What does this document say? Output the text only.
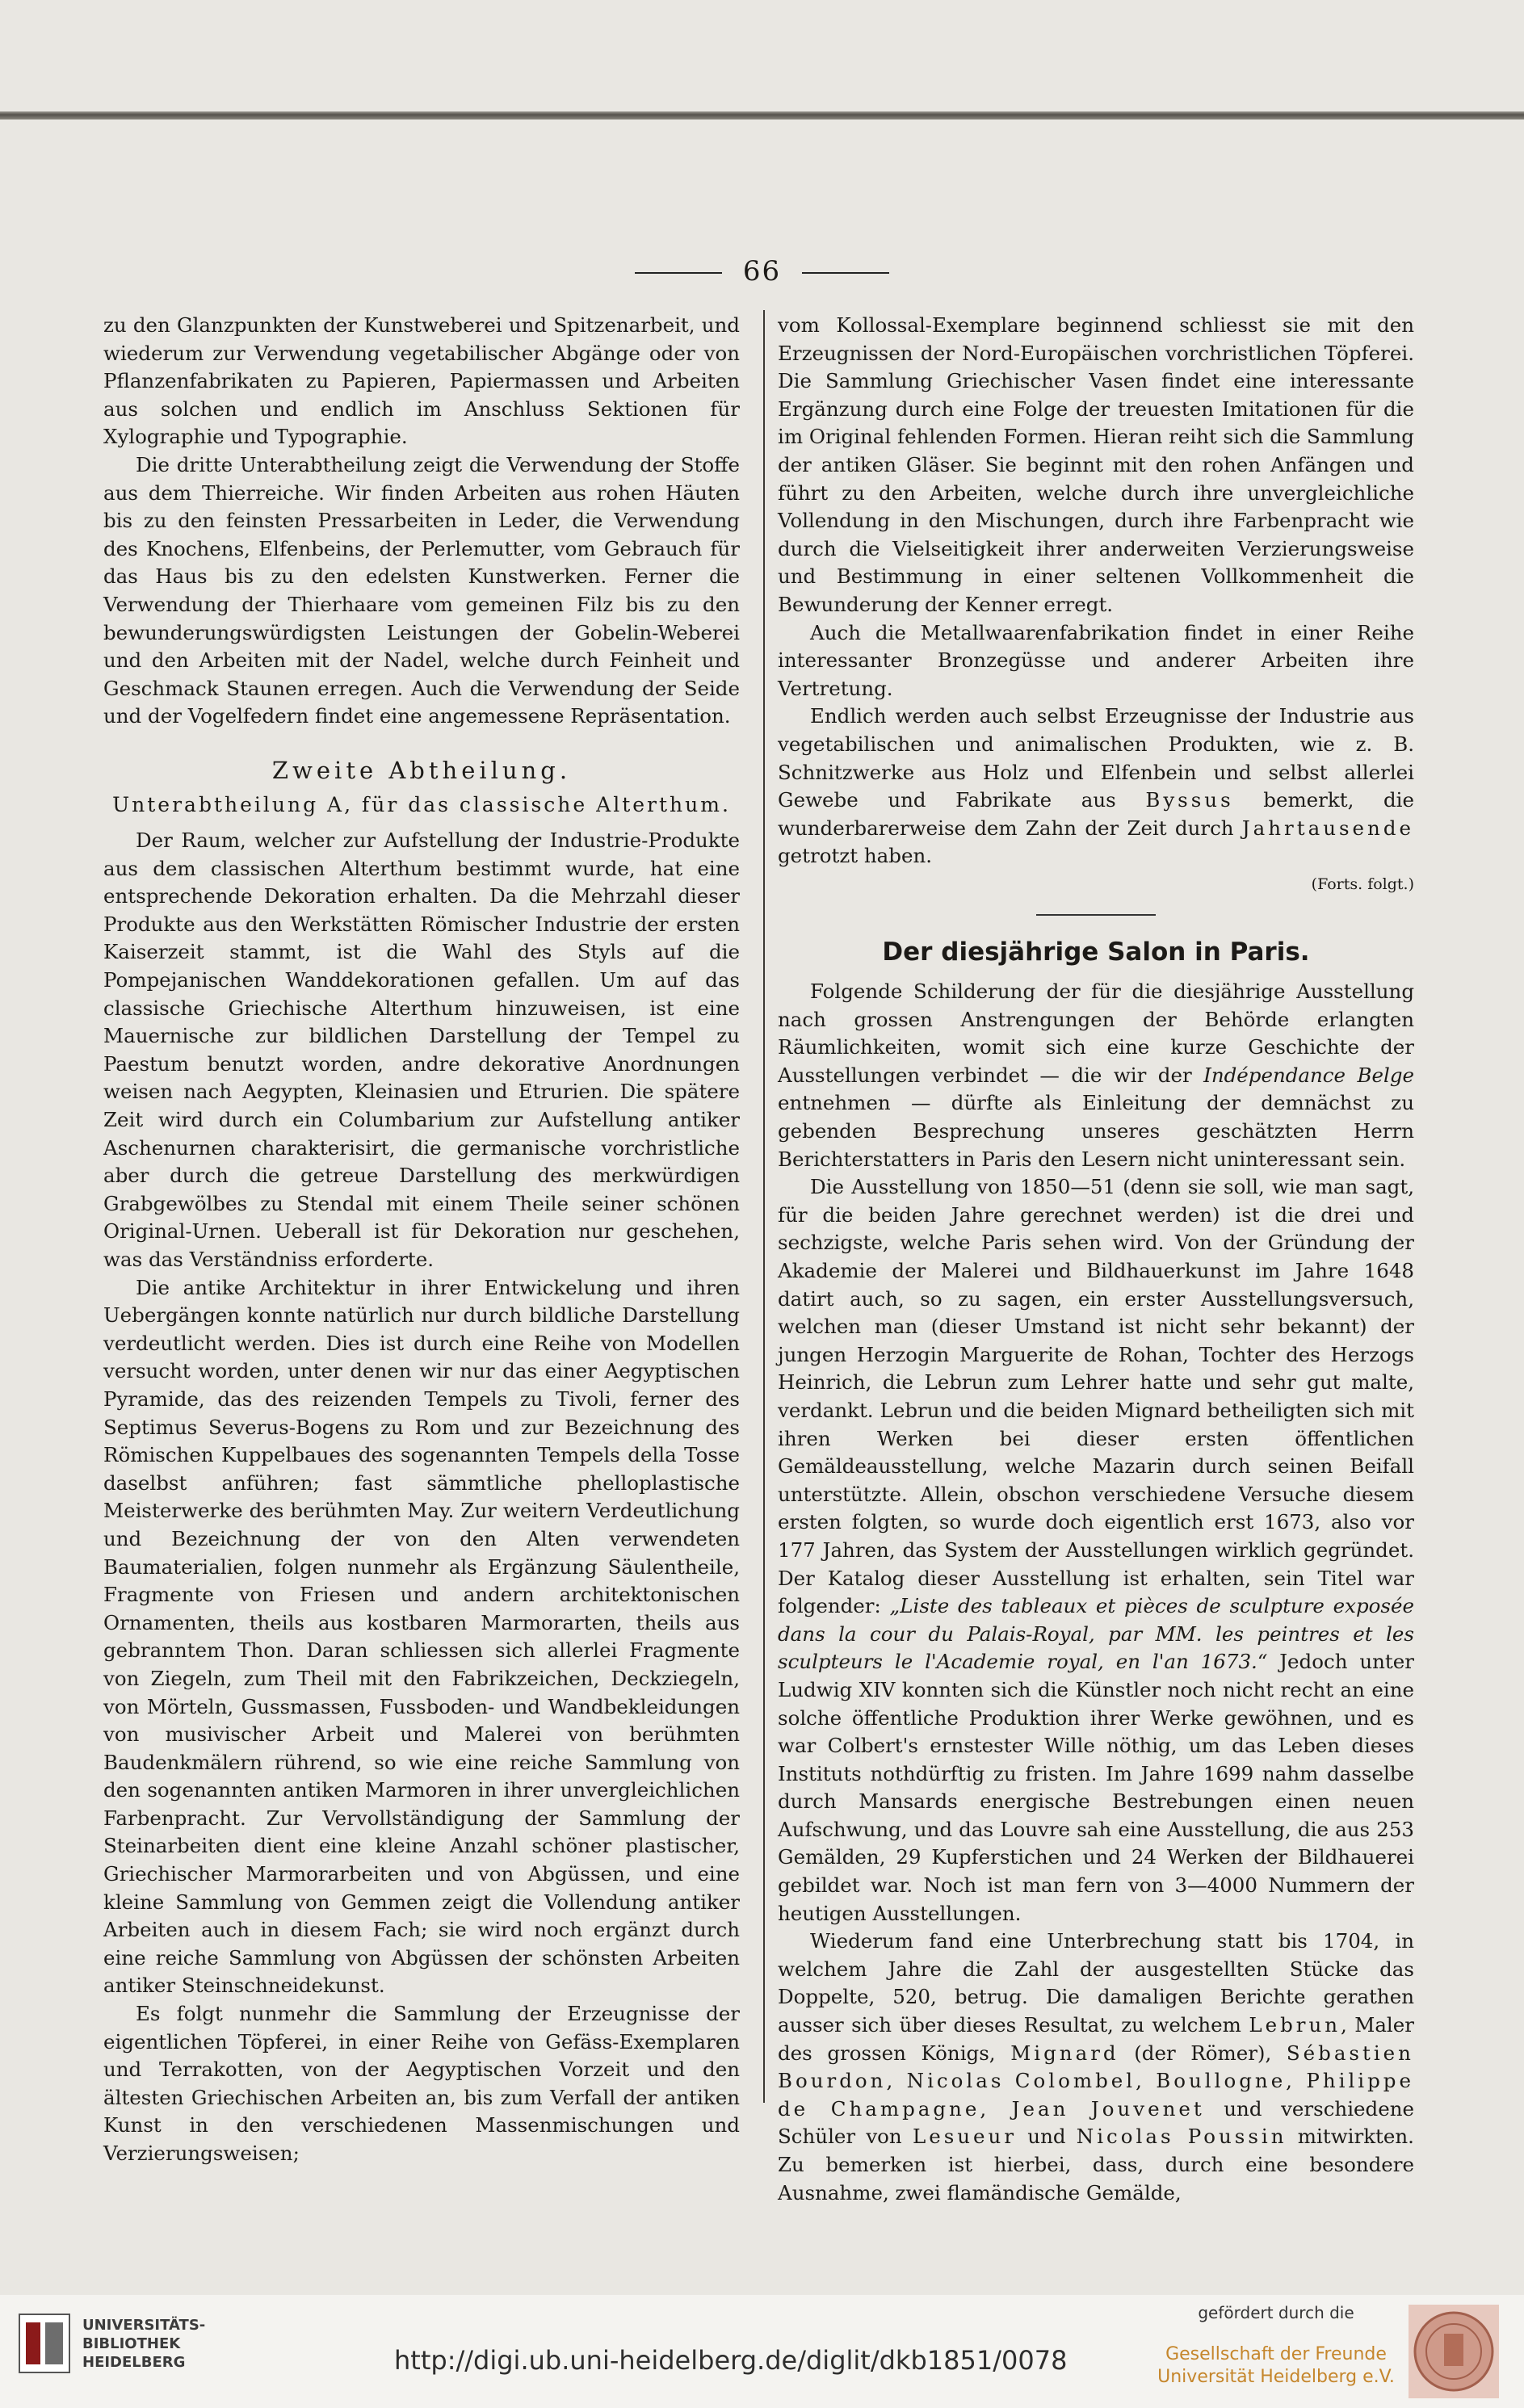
66

zu den Glanzpunkten der Kunstweberei und Spitzenarbeit, und wiederum zur Verwendung vegetabilischer Abgänge oder von Pflanzenfabrikaten zu Papieren, Papiermassen und Arbeiten aus solchen und endlich im Anschluss Sektionen für Xylographie und Typographie.

Die dritte Unterabtheilung zeigt die Verwendung der Stoffe aus dem Thierreiche. Wir finden Arbeiten aus rohen Häuten bis zu den feinsten Pressarbeiten in Leder, die Verwendung des Knochens, Elfenbeins, der Perlemutter, vom Gebrauch für das Haus bis zu den edelsten Kunstwerken. Ferner die Verwendung der Thierhaare vom gemeinen Filz bis zu den bewunderungswürdigsten Leistungen der Gobelin-Weberei und den Arbeiten mit der Nadel, welche durch Feinheit und Geschmack Staunen erregen. Auch die Verwendung der Seide und der Vogelfedern findet eine angemessene Repräsentation.

Zweite Abtheilung.
Unterabtheilung A, für das classische Alterthum.

Der Raum, welcher zur Aufstellung der Industrie-Produkte aus dem classischen Alterthum bestimmt wurde, hat eine entsprechende Dekoration erhalten. Da die Mehrzahl dieser Produkte aus den Werkstätten Römischer Industrie der ersten Kaiserzeit stammt, ist die Wahl des Styls auf die Pompejanischen Wanddekorationen gefallen. Um auf das classische Griechische Alterthum hinzuweisen, ist eine Mauernische zur bildlichen Darstellung der Tempel zu Paestum benutzt worden, andre dekorative Anordnungen weisen nach Aegypten, Kleinasien und Etrurien. Die spätere Zeit wird durch ein Columbarium zur Aufstellung antiker Aschenurnen charakterisirt, die germanische vorchristliche aber durch die getreue Darstellung des merkwürdigen Grabgewölbes zu Stendal mit einem Theile seiner schönen Original-Urnen. Ueberall ist für Dekoration nur geschehen, was das Verständniss erforderte.

Die antike Architektur in ihrer Entwickelung und ihren Uebergängen konnte natürlich nur durch bildliche Darstellung verdeutlicht werden. Dies ist durch eine Reihe von Modellen versucht worden, unter denen wir nur das einer Aegyptischen Pyramide, das des reizenden Tempels zu Tivoli, ferner des Septimus Severus-Bogens zu Rom und zur Bezeichnung des Römischen Kuppelbaues des sogenannten Tempels della Tosse daselbst anführen; fast sämmtliche phelloplastische Meisterwerke des berühmten May. Zur weitern Verdeutlichung und Bezeichnung der von den Alten verwendeten Baumaterialien, folgen nunmehr als Ergänzung Säulentheile, Fragmente von Friesen und andern architektonischen Ornamenten, theils aus kostbaren Marmorarten, theils aus gebranntem Thon. Daran schliessen sich allerlei Fragmente von Ziegeln, zum Theil mit den Fabrikzeichen, Deckziegeln, von Mörteln, Gussmassen, Fussboden- und Wandbekleidungen von musivischer Arbeit und Malerei von berühmten Baudenkmälern rührend, so wie eine reiche Sammlung von den sogenannten antiken Marmoren in ihrer unvergleichlichen Farbenpracht. Zur Vervollständigung der Sammlung der Steinarbeiten dient eine kleine Anzahl schöner plastischer, Griechischer Marmorarbeiten und von Abgüssen, und eine kleine Sammlung von Gemmen zeigt die Vollendung antiker Arbeiten auch in diesem Fach; sie wird noch ergänzt durch eine reiche Sammlung von Abgüssen der schönsten Arbeiten antiker Steinschneidekunst.

Es folgt nunmehr die Sammlung der Erzeugnisse der eigentlichen Töpferei, in einer Reihe von Gefäss-Exemplaren und Terrakotten, von der Aegyptischen Vorzeit und den ältesten Griechischen Arbeiten an, bis zum Verfall der antiken Kunst in den verschiedenen Massenmischungen und Verzierungsweisen;

vom Kollossal-Exemplare beginnend schliesst sie mit den Erzeugnissen der Nord-Europäischen vorchristlichen Töpferei. Die Sammlung Griechischer Vasen findet eine interessante Ergänzung durch eine Folge der treuesten Imitationen für die im Original fehlenden Formen. Hieran reiht sich die Sammlung der antiken Gläser. Sie beginnt mit den rohen Anfängen und führt zu den Arbeiten, welche durch ihre unvergleichliche Vollendung in den Mischungen, durch ihre Farbenpracht wie durch die Vielseitigkeit ihrer anderweiten Verzierungsweise und Bestimmung in einer seltenen Vollkommenheit die Bewunderung der Kenner erregt.

Auch die Metallwaarenfabrikation findet in einer Reihe interessanter Bronzegüsse und anderer Arbeiten ihre Vertretung.

Endlich werden auch selbst Erzeugnisse der Industrie aus vegetabilischen und animalischen Produkten, wie z. B. Schnitzwerke aus Holz und Elfenbein und selbst allerlei Gewebe und Fabrikate aus Byssus bemerkt, die wunderbarerweise dem Zahn der Zeit durch Jahrtausende getrotzt haben.

(Forts. folgt.)
Der diesjährige Salon in Paris.

Folgende Schilderung der für die diesjährige Ausstellung nach grossen Anstrengungen der Behörde erlangten Räumlichkeiten, womit sich eine kurze Geschichte der Ausstellungen verbindet — die wir der Indépendance Belge entnehmen — dürfte als Einleitung der demnächst zu gebenden Besprechung unseres geschätzten Herrn Berichterstatters in Paris den Lesern nicht uninteressant sein.

Die Ausstellung von 1850—51 (denn sie soll, wie man sagt, für die beiden Jahre gerechnet werden) ist die drei und sechzigste, welche Paris sehen wird. Von der Gründung der Akademie der Malerei und Bildhauerkunst im Jahre 1648 datirt auch, so zu sagen, ein erster Ausstellungsversuch, welchen man (dieser Umstand ist nicht sehr bekannt) der jungen Herzogin Marguerite de Rohan, Tochter des Herzogs Heinrich, die Lebrun zum Lehrer hatte und sehr gut malte, verdankt. Lebrun und die beiden Mignard betheiligten sich mit ihren Werken bei dieser ersten öffentlichen Gemäldeausstellung, welche Mazarin durch seinen Beifall unterstützte. Allein, obschon verschiedene Versuche diesem ersten folgten, so wurde doch eigentlich erst 1673, also vor 177 Jahren, das System der Ausstellungen wirklich gegründet. Der Katalog dieser Ausstellung ist erhalten, sein Titel war folgender: „Liste des tableaux et pièces de sculpture exposée dans la cour du Palais-Royal, par MM. les peintres et les sculpteurs le l'Academie royal, en l'an 1673.“ Jedoch unter Ludwig XIV konnten sich die Künstler noch nicht recht an eine solche öffentliche Produktion ihrer Werke gewöhnen, und es war Colbert's ernstester Wille nöthig, um das Leben dieses Instituts nothdürftig zu fristen. Im Jahre 1699 nahm dasselbe durch Mansards energische Bestrebungen einen neuen Aufschwung, und das Louvre sah eine Ausstellung, die aus 253 Gemälden, 29 Kupferstichen und 24 Werken der Bildhauerei gebildet war. Noch ist man fern von 3—4000 Nummern der heutigen Ausstellungen.

Wiederum fand eine Unterbrechung statt bis 1704, in welchem Jahre die Zahl der ausgestellten Stücke das Doppelte, 520, betrug. Die damaligen Berichte gerathen ausser sich über dieses Resultat, zu welchem Lebrun, Maler des grossen Königs, Mignard (der Römer), Sébastien Bourdon, Nicolas Colombel, Boullogne, Philippe de Champagne, Jean Jouvenet und verschiedene Schüler von Lesueur und Nicolas Poussin mitwirkten. Zu bemerken ist hierbei, dass, durch eine besondere Ausnahme, zwei flamändische Gemälde,

UNIVERSITÄTS-
BIBLIOTHEK
HEIDELBERG	http://digi.ub.uni-heidelberg.de/diglit/dkb1851/0078
gefördert durch die
Gesellschaft der Freunde
Universität Heidelberg e.V.
